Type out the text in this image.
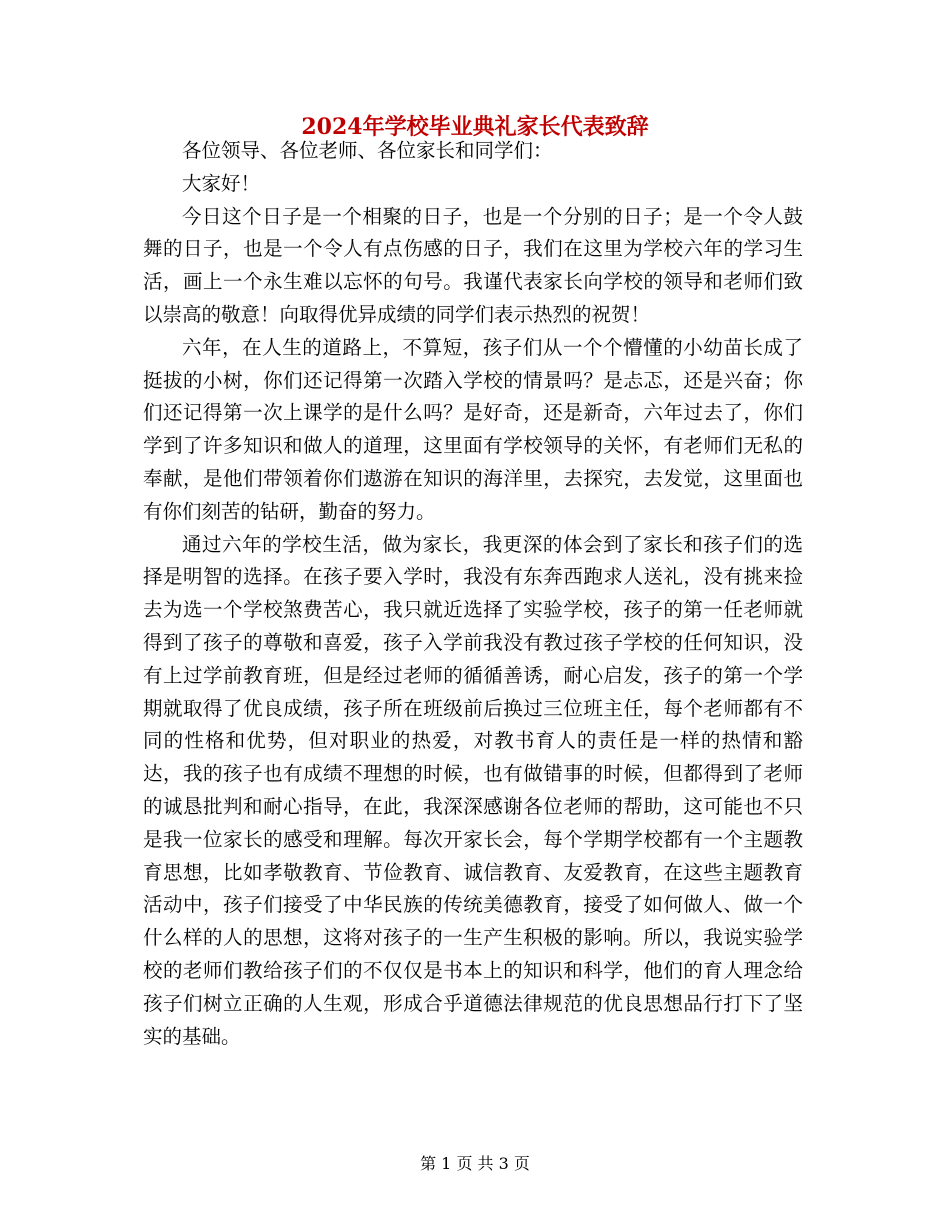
2024年学校毕业典礼家长代表致辞

各位领导、各位老师、各位家长和同学们：

大家好！

今日这个日子是一个相聚的日子，也是一个分别的日子；是一个令人鼓舞的日子，也是一个令人有点伤感的日子，我们在这里为学校六年的学习生活，画上一个永生难以忘怀的句号。我谨代表家长向学校的领导和老师们致以崇高的敬意！向取得优异成绩的同学们表示热烈的祝贺！

六年，在人生的道路上，不算短，孩子们从一个个懵懂的小幼苗长成了挺拔的小树，你们还记得第一次踏入学校的情景吗？是忐忑，还是兴奋；你们还记得第一次上课学的是什么吗？是好奇，还是新奇，六年过去了，你们学到了许多知识和做人的道理，这里面有学校领导的关怀，有老师们无私的奉献，是他们带领着你们遨游在知识的海洋里，去探究，去发觉，这里面也有你们刻苦的钻研，勤奋的努力。

通过六年的学校生活，做为家长，我更深的体会到了家长和孩子们的选择是明智的选择。在孩子要入学时，我没有东奔西跑求人送礼，没有挑来捡去为选一个学校煞费苦心，我只就近选择了实验学校，孩子的第一任老师就得到了孩子的尊敬和喜爱，孩子入学前我没有教过孩子学校的任何知识，没有上过学前教育班，但是经过老师的循循善诱，耐心启发，孩子的第一个学期就取得了优良成绩，孩子所在班级前后换过三位班主任，每个老师都有不同的性格和优势，但对职业的热爱，对教书育人的责任是一样的热情和豁达，我的孩子也有成绩不理想的时候，也有做错事的时候，但都得到了老师的诚恳批判和耐心指导，在此，我深深感谢各位老师的帮助，这可能也不只是我一位家长的感受和理解。每次开家长会，每个学期学校都有一个主题教育思想，比如孝敬教育、节俭教育、诚信教育、友爱教育，在这些主题教育活动中，孩子们接受了中华民族的传统美德教育，接受了如何做人、做一个什么样的人的思想，这将对孩子的一生产生积极的影响。所以，我说实验学校的老师们教给孩子们的不仅仅是书本上的知识和科学，他们的育人理念给孩子们树立正确的人生观，形成合乎道德法律规范的优良思想品行打下了坚实的基础。

第 1 页 共 3 页
